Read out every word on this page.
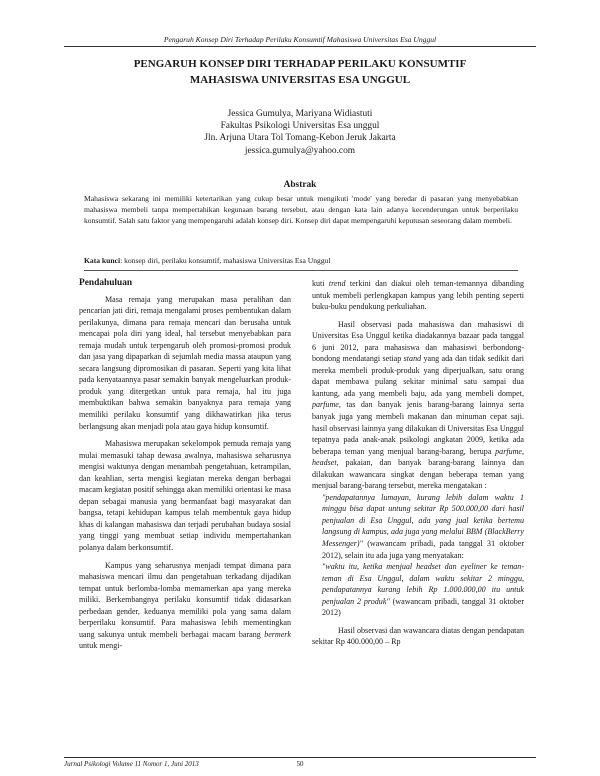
Pengaruh Konsep Diri Terhadap Perilaku Konsumtif Mahasiswa Universitas Esa Unggul
PENGARUH KONSEP DIRI TERHADAP PERILAKU KONSUMTIF
MAHASISWA UNIVERSITAS ESA UNGGUL
Jessica Gumulya, Mariyana Widiastuti
Fakultas Psikologi Universitas Esa unggul
Jln. Arjuna Utara Tol Tomang-Kebon Jeruk Jakarta
jessica.gumulya@yahoo.com
Abstrak

Mahasiswa sekarang ini memiliki ketertarikan yang cukup besar untuk mengikuti 'mode' yang beredar di pasaran yang menyebabkan mahasiswa membeli tanpa mempertahikan kegunaan barang tersebut, atau dengan kata lain adanya kecenderungan untuk berperilaku konsumtif. Salah satu faktor yang mempengaruhi adalah konsep diri. Konsep diri dapat mempengaruhi keputusan seseorang dalam membeli.

Kata kunci: konsep diri, perilaku konsumtif, mahasiswa Universitas Esa Unggul
Pendahuluan

Masa remaja yang merupakan masa peralihan dan pencarian jati diri, remaja mengalami proses pembentukan dalam perilakunya, dimana para remaja mencari dan berusaha untuk mencapai pola diri yang ideal, hal tersebut menyebabkan para remaja mudah untuk terpengaruh oleh promosi-promosi produk dan jasa yang dipaparkan di sejumlah media massa ataupun yang secara langsung dipromosikan di pasaran. Seperti yang kita lihat pada kenyataannya pasar semakin banyak mengeluarkan produk-produk yang ditergetkan untuk para remaja, hal itu juga membuktikan bahwa semakin banyaknya para remaja yang memiliki perilaku konsumtif yang dikhawatirkan jika terus berlangsung akan menjadi pola atau gaya hidup konsumtif.

Mahasiswa merupakan sekelompok pemuda remaja yang mulai memasuki tahap dewasa awalnya, mahasiswa seharusnya mengisi waktunya dengan menambah pengetahuan, ketrampilan, dan keahlian, serta mengisi kegiatan mereka dengan berbagai macam kegiatan positif sehingga akan memiliki orientasi ke masa depan sebagai manusia yang bermanfaat bagi masyarakat dan bangsa, tetapi kehidupan kampus telah membentuk gaya hidup khas di kalangan mahasiswa dan terjadi perubahan budaya sosial yang tinggi yang membuat setiap individu mempertahankan polanya dalam berkonsumtif.

Kampus yang seharusnya menjadi tempat dimana para mahasiswa mencari ilmu dan pengetahuan terkadang dijadikan tempat untuk berlomba-lomba memamerkan apa yang mereka miliki. Berkembangnya perilaku konsumtif tidak didasarkan perbedaan gender, keduanya memiliki pola yang sama dalam berperilaku konsumtif. Para mahasiswa lebih mementingkan uang sakunya untuk membeli berbagai macam barang bermerk untuk mengi-

kuti trend terkini dan diakui oleh teman-temannya dibanding untuk membeli perlengkapan kampus yang lebih penting seperti buku-buku pendukung perkuliahan.

Hasil observasi pada mahasiswa dan mahasiswi di Universitas Esa Unggul ketika diadakannya bazaar pada tanggal 6 juni 2012, para mahasiswa dan mahasiswi berbondong-bondong mendatangi setiap stand yang ada dan tidak sedikit dari mereka membeli produk-produk yang diperjualkan, satu orang dapat membawa pulang sekitar minimal satu sampai dua kantung, ada yang membeli baju, ada yang membeli dompet, parfume, tas dan banyak jenis barang-barang lainnya serta banyak juga yang membeli makanan dan minuman cepat saji. hasil observasi lainnya yang dilakukan di Universitas Esa Unggul tepatnya pada anak-anak psikologi angkatan 2009, ketika ada beberapa teman yang menjual barang-barang, berupa parfume, headset, pakaian, dan banyak barang-barang lainnya dan dilakukan wawancara singkat dengan beberapa teman yang menjual barang-barang tersebut, mereka mengatakan :

"pendapatannya lumayan, kurang lebih dalam waktu 1 minggu bisa dapat untung sekitar Rp 500.000,00 dari hasil penjualan di Esa Unggul, ada yang jual ketika bertemu langsung di kampus, ada juga yang melalui BBM (BlackBerry Messenger)" (wawancam pribadi, pada tanggal 31 oktober 2012), selain itu ada juga yang menyatakan:

"waktu itu, ketika menjual headset dan eyeliner ke teman-teman di Esa Unggul, dalam waktu sekitar 2 minggu, pendapatannya kurang lebih Rp 1.000.000,00 itu untuk penjualan 2 produk" (wawancam pribadi, tanggal 31 oktober 2012)

Hasil observasi dan wawancara diatas dengan pendapatan sekitar Rp 400.000,00 – Rp

Jurnal Psikologi Volume 11 Nomor 1, Juni 2013	50
